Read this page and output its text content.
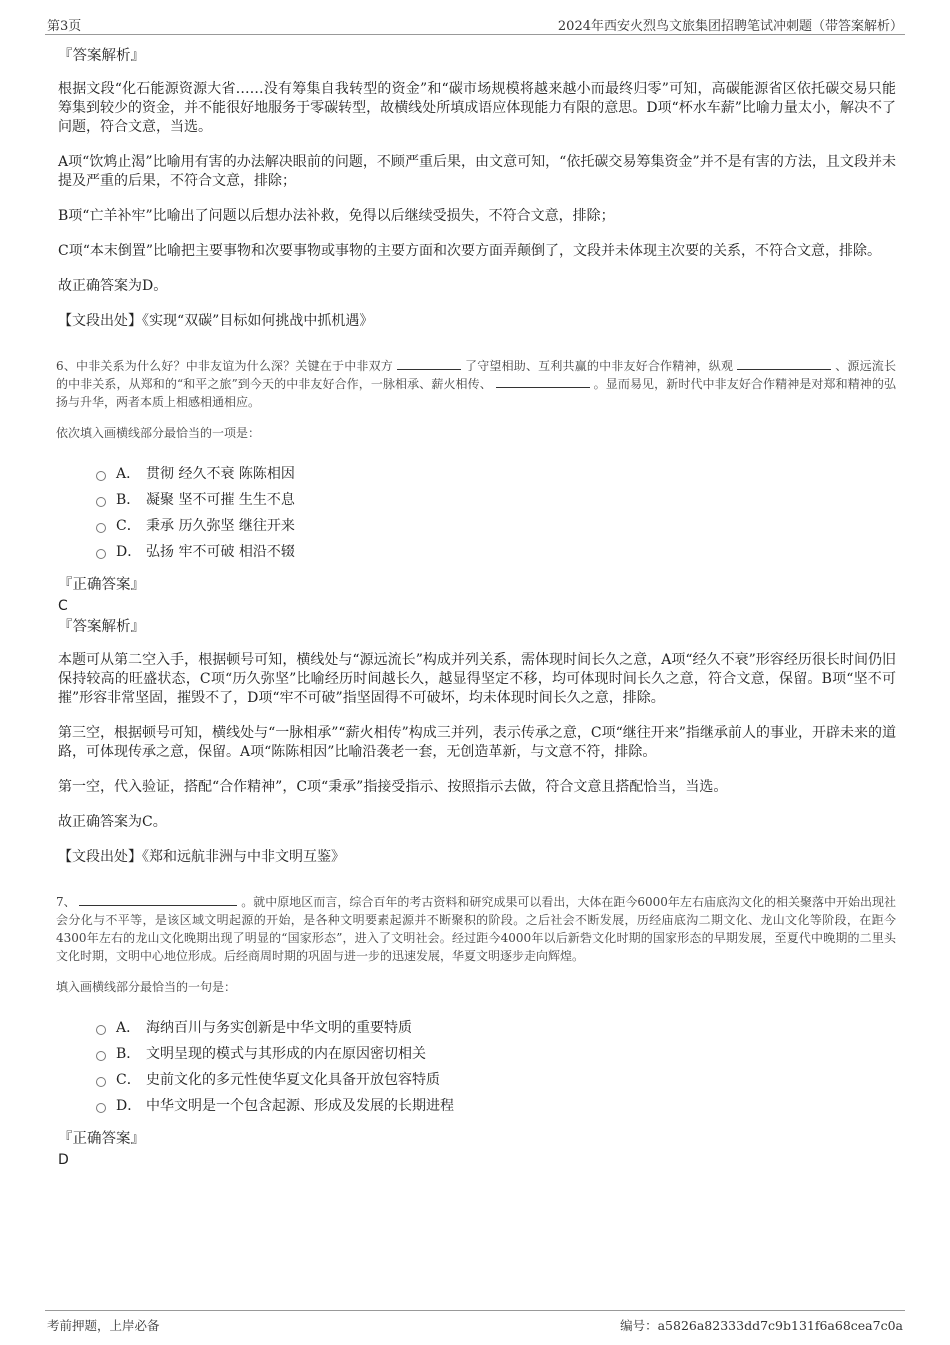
第3页	2024年西安火烈鸟文旅集团招聘笔试冲刺题（带答案解析）
『答案解析』

根据文段“化石能源资源大省……没有筹集自我转型的资金”和“碳市场规模将越来越小而最终归零”可知，高碳能源省区依托碳交易只能筹集到较少的资金，并不能很好地服务于零碳转型，故横线处所填成语应体现能力有限的意思。D项“杯水车薪”比喻力量太小，解决不了问题，符合文意，当选。

A项“饮鸩止渴”比喻用有害的办法解决眼前的问题，不顾严重后果，由文意可知，“依托碳交易筹集资金”并不是有害的方法，且文段并未提及严重的后果，不符合文意，排除；

B项“亡羊补牢”比喻出了问题以后想办法补救，免得以后继续受损失，不符合文意，排除；

C项“本末倒置”比喻把主要事物和次要事物或事物的主要方面和次要方面弄颠倒了，文段并未体现主次要的关系，不符合文意，排除。

故正确答案为D。

【文段出处】《实现“双碳”目标如何挑战中抓机遇》

6、中非关系为什么好？中非友谊为什么深？关键在于中非双方	了守望相助、互利共赢的中非友好合作精神，纵观	、源远流长的中非关系，从郑和的“和平之旅”到今天的中非友好合作，一脉相承、薪火相传、	。显而易见，新时代中非友好合作精神是对郑和精神的弘扬与升华，两者本质上相感相通相应。
依次填入画横线部分最恰当的一项是：
A． 贯彻 经久不衰 陈陈相因
B． 凝聚 坚不可摧 生生不息
C． 秉承 历久弥坚 继往开来
D． 弘扬 牢不可破 相沿不辍
『正确答案』
C
『答案解析』

本题可从第二空入手，根据顿号可知，横线处与“源远流长”构成并列关系，需体现时间长久之意，A项“经久不衰”形容经历很长时间仍旧保持较高的旺盛状态，C项“历久弥坚”比喻经历时间越长久，越显得坚定不移，均可体现时间长久之意，符合文意，保留。B项“坚不可摧”形容非常坚固，摧毁不了，D项“牢不可破”指坚固得不可破坏，均未体现时间长久之意，排除。

第三空，根据顿号可知，横线处与“一脉相承”“薪火相传”构成三并列，表示传承之意，C项“继往开来”指继承前人的事业，开辟未来的道路，可体现传承之意，保留。A项“陈陈相因”比喻沿袭老一套，无创造革新，与文意不符，排除。

第一空，代入验证，搭配“合作精神”，C项“秉承”指接受指示、按照指示去做，符合文意且搭配恰当，当选。

故正确答案为C。

【文段出处】《郑和远航非洲与中非文明互鉴》

7、	。就中原地区而言，综合百年的考古资料和研究成果可以看出，大体在距今6000年左右庙底沟文化的相关聚落中开始出现社会分化与不平等，是该区域文明起源的开始，是各种文明要素起源并不断聚积的阶段。之后社会不断发展，历经庙底沟二期文化、龙山文化等阶段，在距今4300年左右的龙山文化晚期出现了明显的“国家形态”，进入了文明社会。经过距今4000年以后新砦文化时期的国家形态的早期发展，至夏代中晚期的二里头文化时期，文明中心地位形成。后经商周时期的巩固与进一步的迅速发展，华夏文明逐步走向辉煌。
填入画横线部分最恰当的一句是：
A． 海纳百川与务实创新是中华文明的重要特质
B． 文明呈现的模式与其形成的内在原因密切相关
C． 史前文化的多元性使华夏文化具备开放包容特质
D． 中华文明是一个包含起源、形成及发展的长期进程
『正确答案』
D
考前押题，上岸必备	编号：a5826a82333dd7c9b131f6a68cea7c0a
